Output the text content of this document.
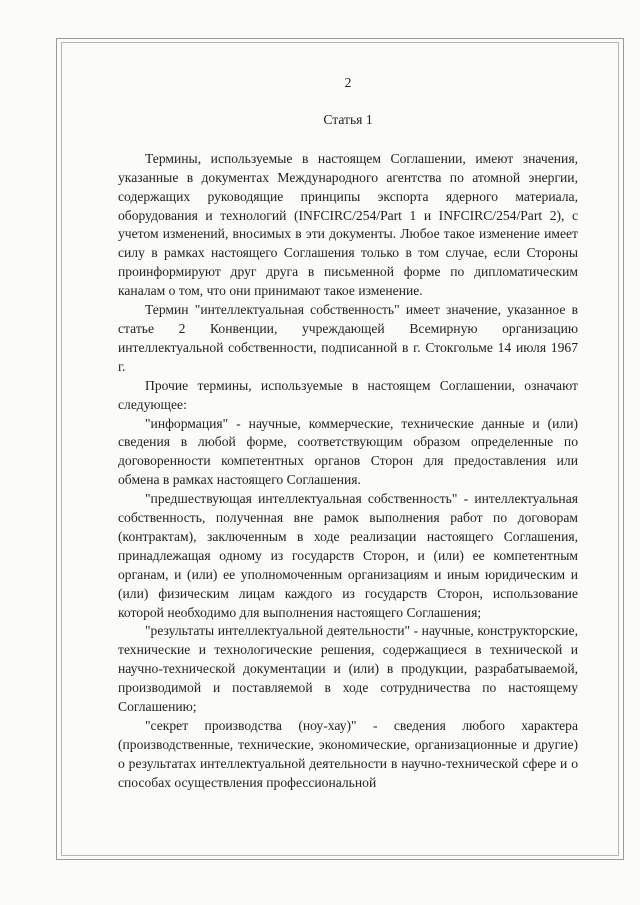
2
Статья 1

Термины, используемые в настоящем Соглашении, имеют значения, указанные в документах Международного агентства по атомной энергии, содержащих руководящие принципы экспорта ядерного материала, оборудования и технологий (INFCIRC/254/Part 1 и INFCIRC/254/Part 2), с учетом изменений, вносимых в эти документы. Любое такое изменение имеет силу в рамках настоящего Соглашения только в том случае, если Стороны проинформируют друг друга в письменной форме по дипломатическим каналам о том, что они принимают такое изменение.

Термин "интеллектуальная собственность" имеет значение, указанное в статье 2 Конвенции, учреждающей Всемирную организацию интеллектуальной собственности, подписанной в г. Стокгольме 14 июля 1967 г.

Прочие термины, используемые в настоящем Соглашении, означают следующее:

"информация" - научные, коммерческие, технические данные и (или) сведения в любой форме, соответствующим образом определенные по договоренности компетентных органов Сторон для предоставления или обмена в рамках настоящего Соглашения.

"предшествующая интеллектуальная собственность" - интеллектуальная собственность, полученная вне рамок выполнения работ по договорам (контрактам), заключенным в ходе реализации настоящего Соглашения, принадлежащая одному из государств Сторон, и (или) ее компетентным органам, и (или) ее уполномоченным организациям и иным юридическим и (или) физическим лицам каждого из государств Сторон, использование которой необходимо для выполнения настоящего Соглашения;

"результаты интеллектуальной деятельности" - научные, конструкторские, технические и технологические решения, содержащиеся в технической и научно-технической документации и (или) в продукции, разрабатываемой, производимой и поставляемой в ходе сотрудничества по настоящему Соглашению;

"секрет производства (ноу-хау)" - сведения любого характера (производственные, технические, экономические, организационные и другие) о результатах интеллектуальной деятельности в научно-технической сфере и о способах осуществления профессиональной
